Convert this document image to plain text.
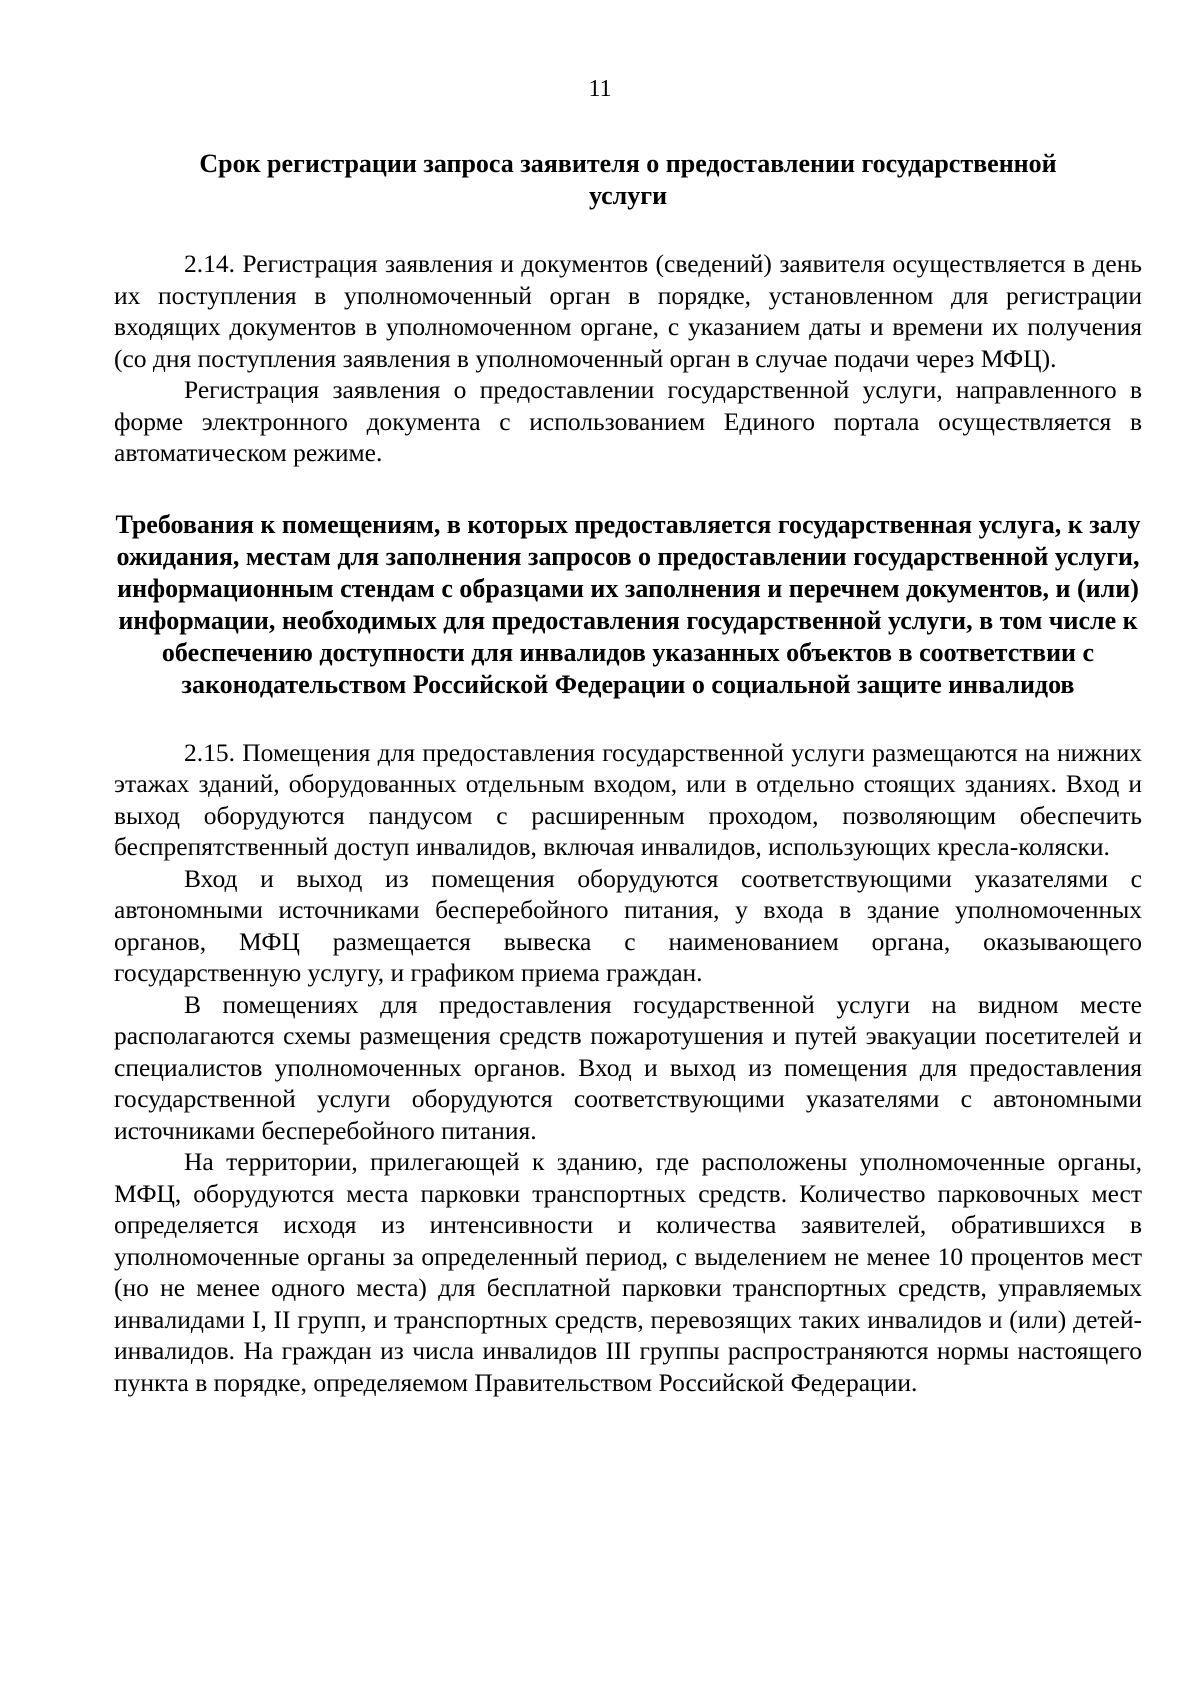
11
Срок регистрации запроса заявителя о предоставлении государственной услуги

2.14. Регистрация заявления и документов (сведений) заявителя осуществляется в день их поступления в уполномоченный орган в порядке, установленном для регистрации входящих документов в уполномоченном органе, с указанием даты и времени их получения (со дня поступления заявления в уполномоченный орган в случае подачи через МФЦ).

Регистрация заявления о предоставлении государственной услуги, направленного в форме электронного документа с использованием Единого портала осуществляется в автоматическом режиме.

Требования к помещениям, в которых предоставляется государственная услуга, к залу ожидания, местам для заполнения запросов о предоставлении государственной услуги, информационным стендам с образцами их заполнения и перечнем документов, и (или) информации, необходимых для предоставления государственной услуги, в том числе к обеспечению доступности для инвалидов указанных объектов в соответствии с законодательством Российской Федерации о социальной защите инвалидов

2.15. Помещения для предоставления государственной услуги размещаются на нижних этажах зданий, оборудованных отдельным входом, или в отдельно стоящих зданиях. Вход и выход оборудуются пандусом с расширенным проходом, позволяющим обеспечить беспрепятственный доступ инвалидов, включая инвалидов, использующих кресла-коляски.

Вход и выход из помещения оборудуются соответствующими указателями с автономными источниками бесперебойного питания, у входа в здание уполномоченных органов, МФЦ размещается вывеска с наименованием органа, оказывающего государственную услугу, и графиком приема граждан.

В помещениях для предоставления государственной услуги на видном месте располагаются схемы размещения средств пожаротушения и путей эвакуации посетителей и специалистов уполномоченных органов. Вход и выход из помещения для предоставления государственной услуги оборудуются соответствующими указателями с автономными источниками бесперебойного питания.

На территории, прилегающей к зданию, где расположены уполномоченные органы, МФЦ, оборудуются места парковки транспортных средств. Количество парковочных мест определяется исходя из интенсивности и количества заявителей, обратившихся в уполномоченные органы за определенный период, с выделением не менее 10 процентов мест (но не менее одного места) для бесплатной парковки транспортных средств, управляемых инвалидами I, II групп, и транспортных средств, перевозящих таких инвалидов и (или) детей-инвалидов. На граждан из числа инвалидов III группы распространяются нормы настоящего пункта в порядке, определяемом Правительством Российской Федерации.
